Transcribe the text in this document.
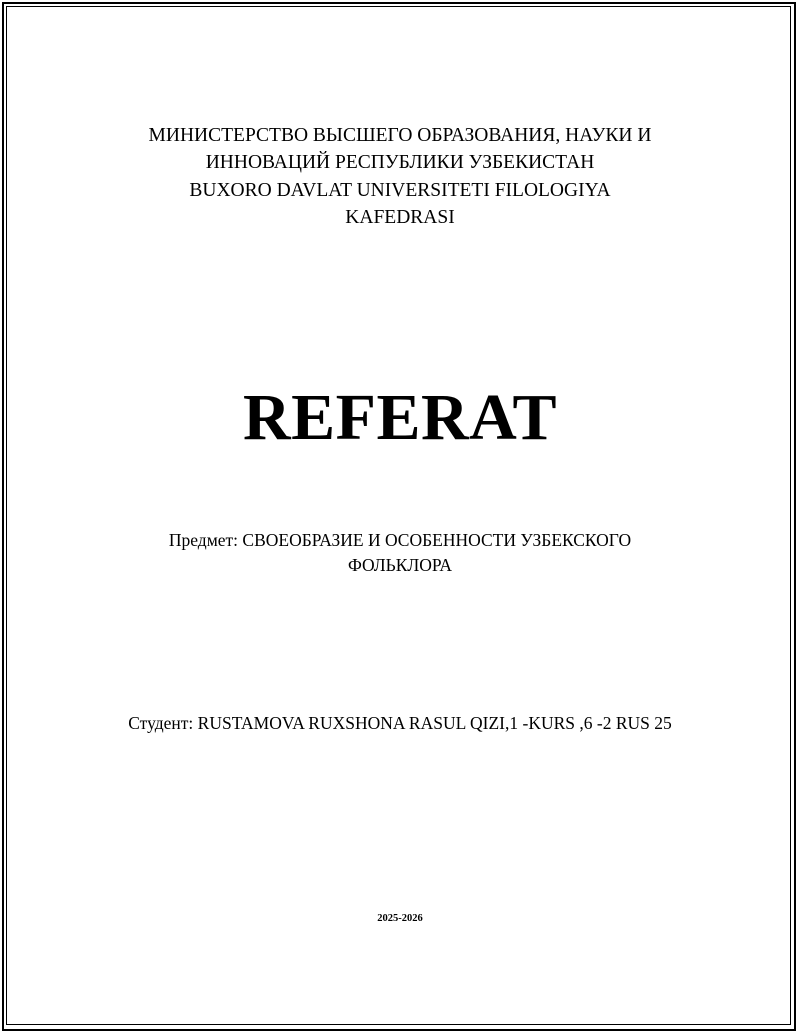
МИНИСТЕРСТВО ВЫСШЕГО ОБРАЗОВАНИЯ, НАУКИ И
ИННОВАЦИЙ РЕСПУБЛИКИ УЗБЕКИСТАН
BUXORO DAVLAT UNIVERSITETI FILOLOGIYA
KAFEDRASI
REFERAT
Предмет: СВОЕОБРАЗИЕ И ОСОБЕННОСТИ УЗБЕКСКОГО ФОЛЬКЛОРА
Студент: RUSTAMOVA RUXSHONA RASUL QIZI,1 -KURS ,6 -2 RUS 25
2025-2026
